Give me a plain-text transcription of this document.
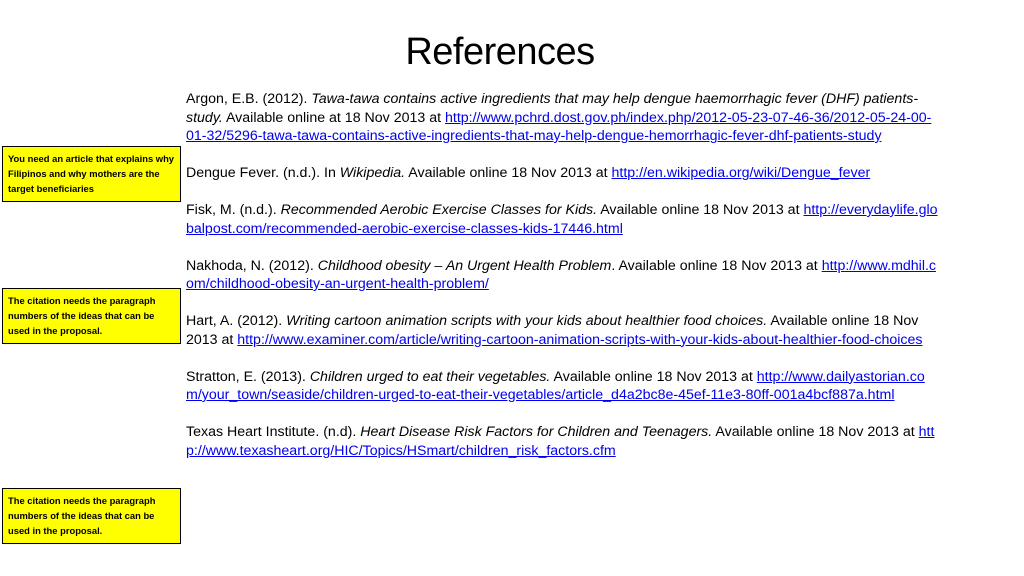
References
You need an article that explains why Filipinos and why mothers are the target beneficiaries
The citation needs the paragraph numbers of the ideas that can be used in the proposal.
The citation needs the paragraph numbers of the ideas that can be used in the proposal.

Argon, E.B. (2012). Tawa-tawa contains active ingredients that may help dengue haemorrhagic fever (DHF) patients-study. Available online at 18 Nov 2013 at http://www.pchrd.dost.gov.ph/index.php/2012-05-23-07-46-36/2012-05-24-00-01-32/5296-tawa-tawa-contains-active-ingredients-that-may-help-dengue-hemorrhagic-fever-dhf-patients-study

Dengue Fever. (n.d.). In Wikipedia. Available online 18 Nov 2013 at http://en.wikipedia.org/wiki/Dengue_fever

Fisk, M. (n.d.). Recommended Aerobic Exercise Classes for Kids. Available online 18 Nov 2013 at http://everydaylife.globalpost.com/recommended-aerobic-exercise-classes-kids-17446.html

Nakhoda, N. (2012). Childhood obesity – An Urgent Health Problem. Available online 18 Nov 2013 at http://www.mdhil.com/childhood-obesity-an-urgent-health-problem/

Hart, A. (2012). Writing cartoon animation scripts with your kids about healthier food choices. Available online 18 Nov 2013 at http://www.examiner.com/article/writing-cartoon-animation-scripts-with-your-kids-about-healthier-food-choices

Stratton, E. (2013). Children urged to eat their vegetables. Available online 18 Nov 2013 at http://www.dailyastorian.com/your_town/seaside/children-urged-to-eat-their-vegetables/article_d4a2bc8e-45ef-11e3-80ff-001a4bcf887a.html

Texas Heart Institute. (n.d). Heart Disease Risk Factors for Children and Teenagers. Available online 18 Nov 2013 at http://www.texasheart.org/HIC/Topics/HSmart/children_risk_factors.cfm
